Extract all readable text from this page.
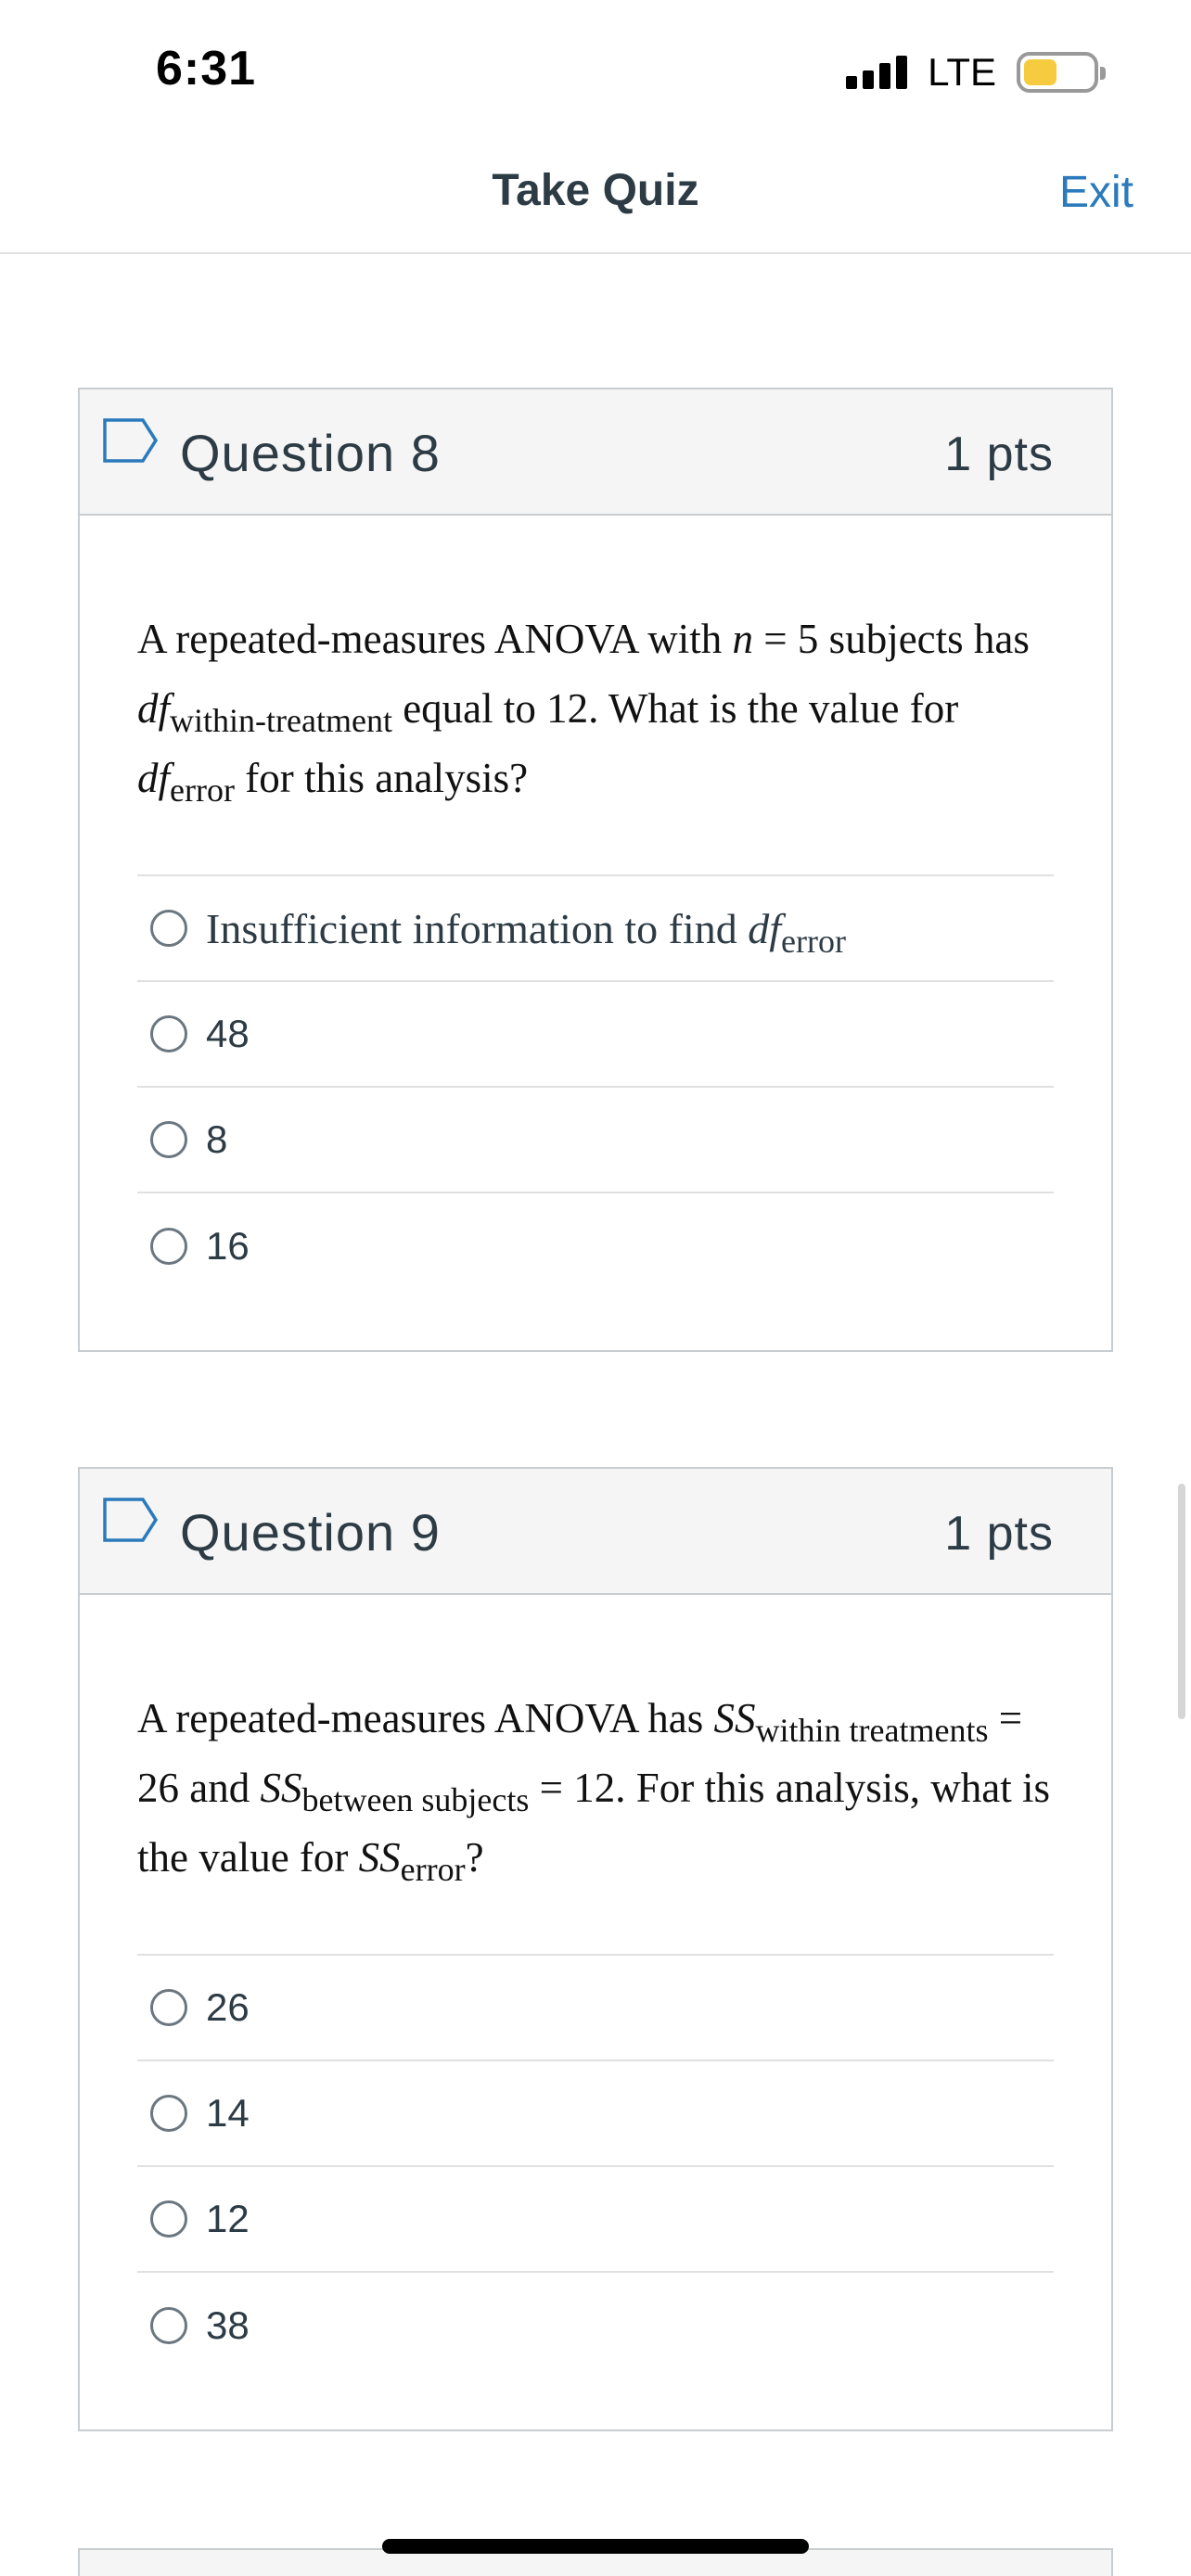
6:31	LTE
Take Quiz	Exit
Question 8	1 pts
A repeated-measures ANOVA with n = 5 subjects has $df_{within-treatment}$ equal to 12. What is the value for $df_{error}$ for this analysis?
Insufficient information to find $df_{error}$
48
8
16
Question 9	1 pts
A repeated-measures ANOVA has $SS_{within treatments} = 26$ and $SS_{between subjects} = 12$. For this analysis, what is the value for $SS_{error}$?
26
14
12
38
